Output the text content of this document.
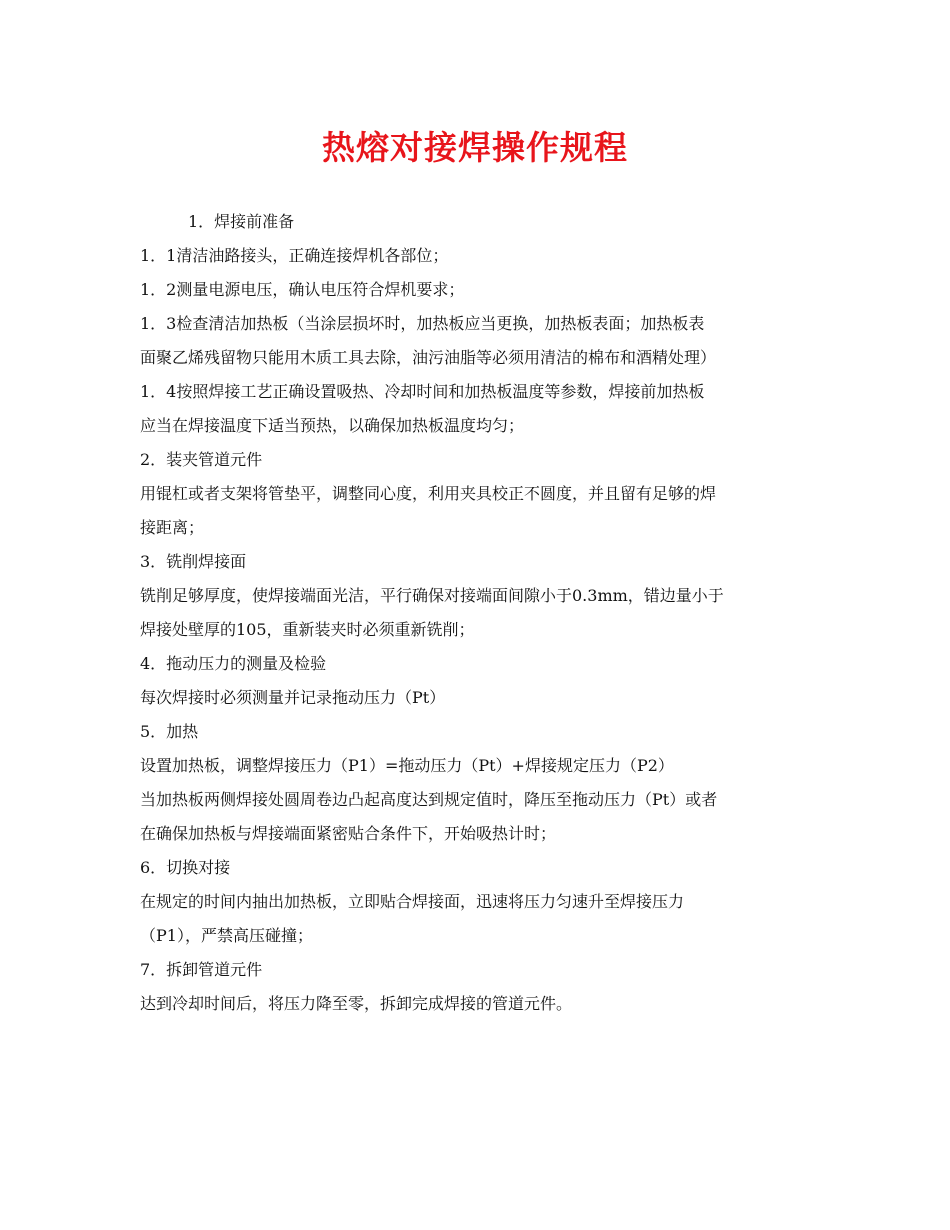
热熔对接焊操作规程
1．焊接前准备
1．1清洁油路接头，正确连接焊机各部位；
1．2测量电源电压，确认电压符合焊机要求；
1．3检查清洁加热板（当涂层损坏时，加热板应当更换，加热板表面；加热板表
面聚乙烯残留物只能用木质工具去除，油污油脂等必须用清洁的棉布和酒精处理）
1．4按照焊接工艺正确设置吸热、冷却时间和加热板温度等参数，焊接前加热板
应当在焊接温度下适当预热，以确保加热板温度均匀；
2．装夹管道元件
用锟杠或者支架将管垫平，调整同心度，利用夹具校正不圆度，并且留有足够的焊
接距离；
3．铣削焊接面
铣削足够厚度，使焊接端面光洁，平行确保对接端面间隙小于0.3mm，错边量小于
焊接处壁厚的105，重新装夹时必须重新铣削；
4．拖动压力的测量及检验
每次焊接时必须测量并记录拖动压力（Pt）
5．加热
设置加热板，调整焊接压力（P1）=拖动压力（Pt）+焊接规定压力（P2）
当加热板两侧焊接处圆周卷边凸起高度达到规定值时，降压至拖动压力（Pt）或者
在确保加热板与焊接端面紧密贴合条件下，开始吸热计时；
6．切换对接
在规定的时间内抽出加热板，立即贴合焊接面，迅速将压力匀速升至焊接压力
（P1），严禁高压碰撞；
7．拆卸管道元件
达到冷却时间后，将压力降至零，拆卸完成焊接的管道元件。
